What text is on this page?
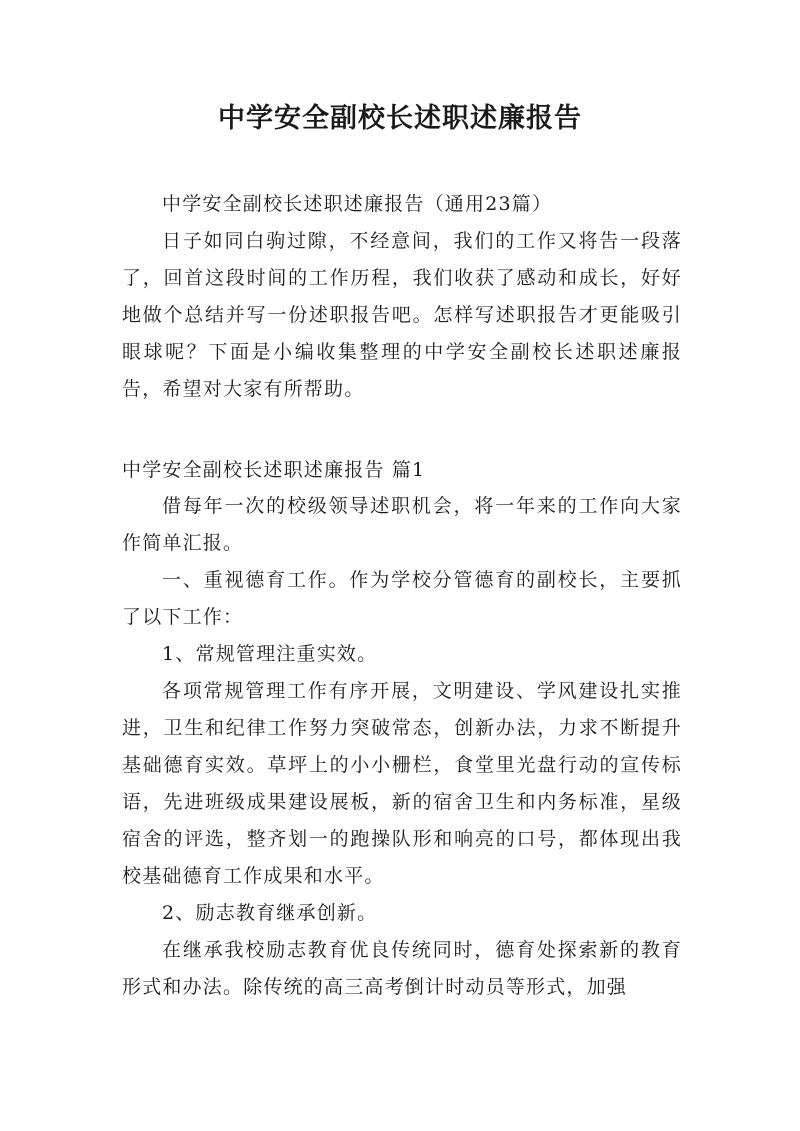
中学安全副校长述职述廉报告
中学安全副校长述职述廉报告（通用23篇）
日子如同白驹过隙，不经意间，我们的工作又将告一段落了，回首这段时间的工作历程，我们收获了感动和成长，好好地做个总结并写一份述职报告吧。怎样写述职报告才更能吸引眼球呢？下面是小编收集整理的中学安全副校长述职述廉报告，希望对大家有所帮助。
中学安全副校长述职述廉报告 篇1
借每年一次的校级领导述职机会，将一年来的工作向大家作简单汇报。
一、重视德育工作。作为学校分管德育的副校长，主要抓了以下工作：
1、常规管理注重实效。
各项常规管理工作有序开展，文明建设、学风建设扎实推进，卫生和纪律工作努力突破常态，创新办法，力求不断提升基础德育实效。草坪上的小小栅栏，食堂里光盘行动的宣传标语，先进班级成果建设展板，新的宿舍卫生和内务标准，星级宿舍的评选，整齐划一的跑操队形和响亮的口号，都体现出我校基础德育工作成果和水平。
2、励志教育继承创新。
在继承我校励志教育优良传统同时，德育处探索新的教育形式和办法。除传统的高三高考倒计时动员等形式，加强
